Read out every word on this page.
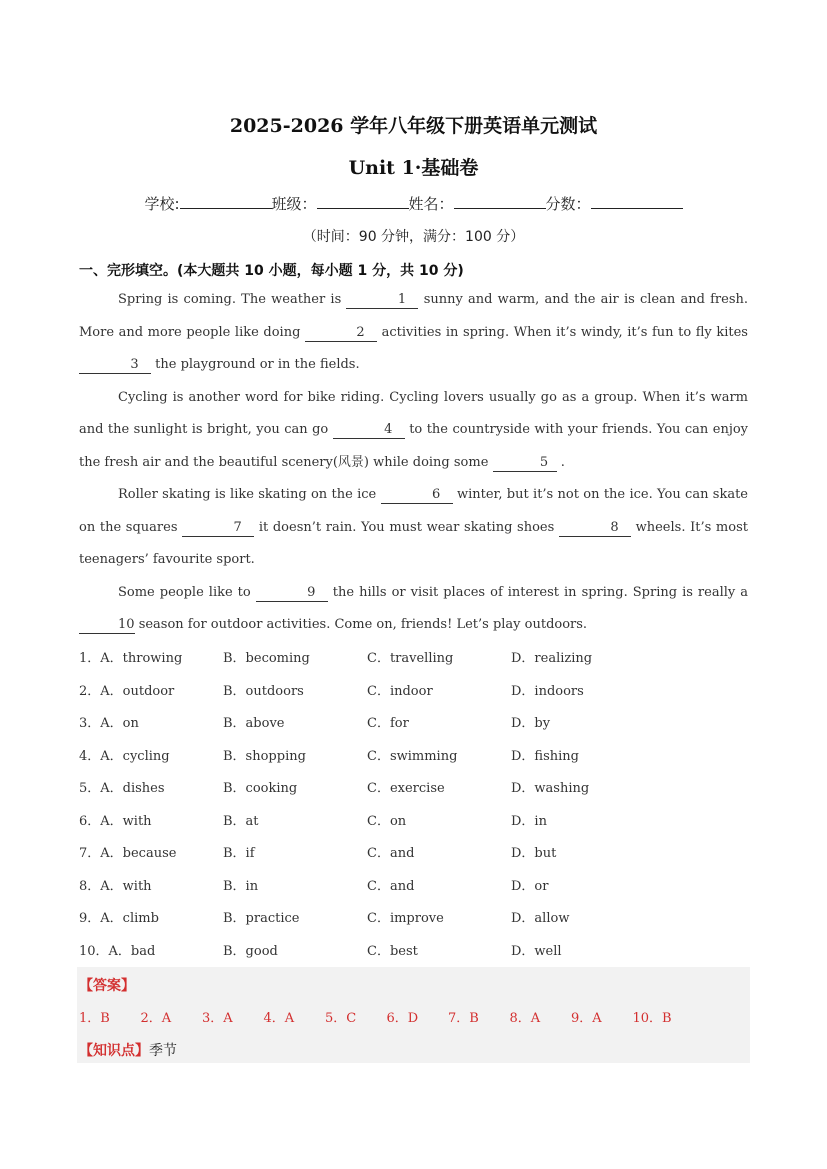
2025-2026 学年八年级下册英语单元测试
Unit 1·基础卷
学校:	班级：	姓名：	分数：
（时间：90 分钟，满分：100 分）
一、完形填空。(本大题共 10 小题，每小题 1 分，共 10 分)

Spring is coming. The weather is	1 sunny and warm, and the air is clean and fresh. More and more people like doing	2 activities in spring. When it’s windy, it’s fun to fly kites 3 the playground or in the fields.

Cycling is another word for bike riding. Cycling lovers usually go as a group. When it’s warm and the sunlight is bright, you can go	4 to the countryside with your friends. You can enjoy the fresh air and the beautiful scenery(风景) while doing some	5 .

Roller skating is like skating on the ice	6 winter, but it’s not on the ice. You can skate on the squares	7 it doesn’t rain. You must wear skating shoes	8 wheels. It’s most teenagers’ favourite sport.

Some people like to	9 the hills or visit places of interest in spring. Spring is really a 10 season for outdoor activities. Come on, friends! Let’s play outdoors.

1．A．throwing	B．becoming	C．travelling	D．realizing
2．A．outdoor	B．outdoors	C．indoor	D．indoors
3．A．on	B．above	C．for	D．by
4．A．cycling	B．shopping	C．swimming	D．fishing
5．A．dishes	B．cooking	C．exercise	D．washing
6．A．with	B．at	C．on	D．in
7．A．because	B．if	C．and	D．but
8．A．with	B．in	C．and	D．or
9．A．climb	B．practice	C．improve	D．allow
10．A．bad	B．good	C．best	D．well
【答案】
1．B 2．A 3．A 4．A 5．C 6．D 7．B 8．A 9．A 10．B
【知识点】季节
